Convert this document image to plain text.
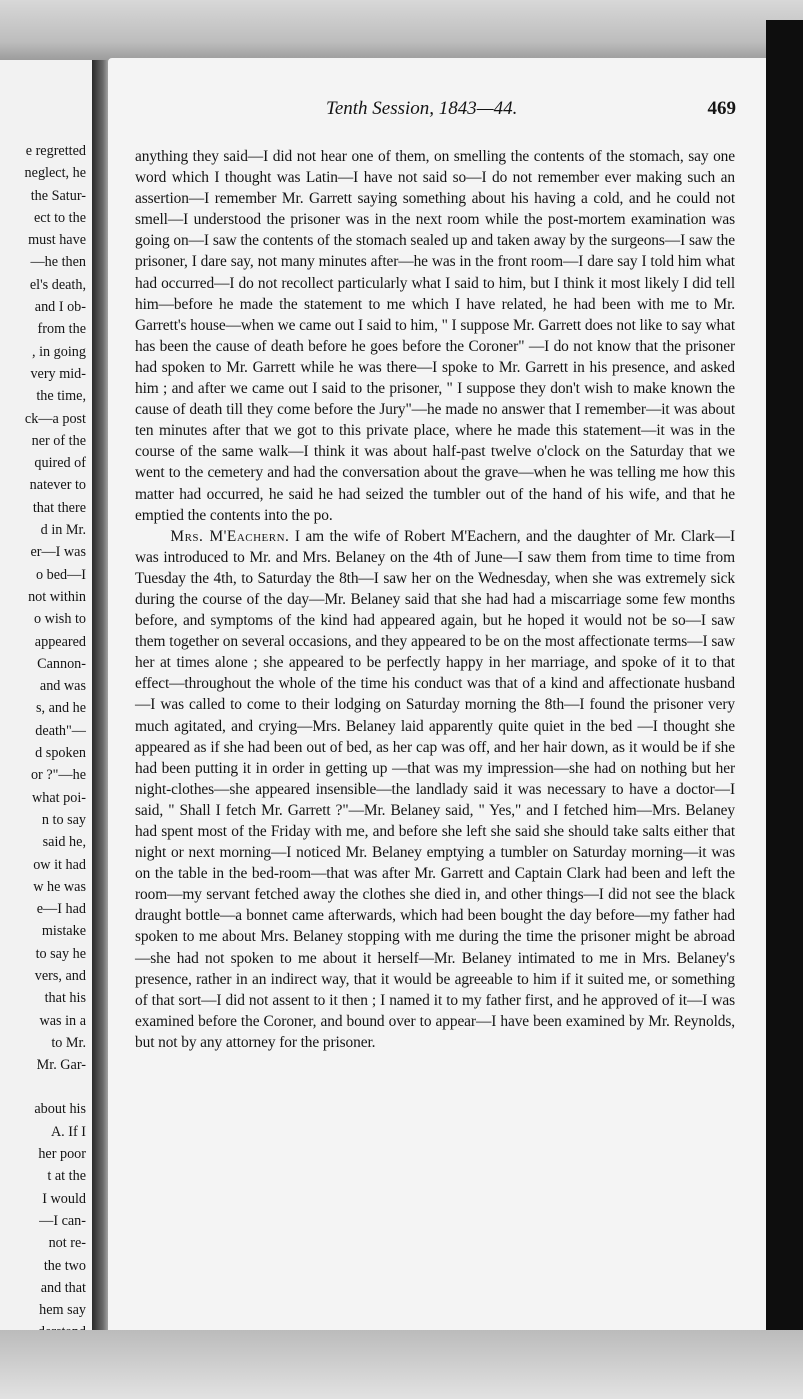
e regretted
neglect, he
the Satur-
ect to the
must have
—he then
el's death,
and I ob-
from the
, in going
very mid-
the time,
ck—a post
ner of the
quired of
natever to
that there
d in Mr.
er—I was
o bed—I
not within
o wish to
appeared
Cannon-
and was
s, and he
death"—
d spoken
or ?"—he
what poi-
n to say
said he,
ow it had
w he was
e—I had
mistake
to say he
vers, and
that his
was in a
to Mr.
Mr. Gar-

about his
A. If I
her poor
t at the
I would
—I can-
not re-
the two
and that
hem say
Tenth Session, 1843—44.	469

anything they said—I did not hear one of them, on smelling the contents of the stomach, say one word which I thought was Latin—I have not said so—I do not remember ever making such an assertion—I remember Mr. Garrett saying something about his having a cold, and he could not smell—I understood the prisoner was in the next room while the post-mortem examination was going on—I saw the contents of the stomach sealed up and taken away by the surgeons—I saw the prisoner, I dare say, not many minutes after—he was in the front room—I dare say I told him what had occurred—I do not recollect particularly what I said to him, but I think it most likely I did tell him—before he made the statement to me which I have related, he had been with me to Mr. Garrett's house—when we came out I said to him, " I suppose Mr. Garrett does not like to say what has been the cause of death before he goes before the Coroner" —I do not know that the prisoner had spoken to Mr. Garrett while he was there—I spoke to Mr. Garrett in his presence, and asked him ; and after we came out I said to the prisoner, " I suppose they don't wish to make known the cause of death till they come before the Jury"—he made no answer that I remember—it was about ten minutes after that we got to this private place, where he made this statement—it was in the course of the same walk—I think it was about half-past twelve o'clock on the Saturday that we went to the cemetery and had the conversation about the grave—when he was telling me how this matter had occurred, he said he had seized the tumbler out of the hand of his wife, and that he emptied the contents into the po.

Mrs. M'Eachern. I am the wife of Robert M'Eachern, and the daughter of Mr. Clark—I was introduced to Mr. and Mrs. Belaney on the 4th of June—I saw them from time to time from Tuesday the 4th, to Saturday the 8th—I saw her on the Wednesday, when she was extremely sick during the course of the day—Mr. Belaney said that she had had a miscarriage some few months before, and symptoms of the kind had appeared again, but he hoped it would not be so—I saw them together on several occasions, and they appeared to be on the most affectionate terms—I saw her at times alone ; she appeared to be perfectly happy in her marriage, and spoke of it to that effect—throughout the whole of the time his conduct was that of a kind and affectionate husband—I was called to come to their lodging on Saturday morning the 8th—I found the prisoner very much agitated, and crying—Mrs. Belaney laid apparently quite quiet in the bed —I thought she appeared as if she had been out of bed, as her cap was off, and her hair down, as it would be if she had been putting it in order in getting up —that was my impression—she had on nothing but her night-clothes—she appeared insensible—the landlady said it was necessary to have a doctor—I said, " Shall I fetch Mr. Garrett ?"—Mr. Belaney said, " Yes," and I fetched him—Mrs. Belaney had spent most of the Friday with me, and before she left she said she should take salts either that night or next morning—I noticed Mr. Belaney emptying a tumbler on Saturday morning—it was on the table in the bed-room—that was after Mr. Garrett and Captain Clark had been and left the room—my servant fetched away the clothes she died in, and other things—I did not see the black draught bottle—a bonnet came afterwards, which had been bought the day before—my father had spoken to me about Mrs. Belaney stopping with me during the time the prisoner might be abroad —she had not spoken to me about it herself—Mr. Belaney intimated to me in Mrs. Belaney's presence, rather in an indirect way, that it would be agreeable to him if it suited me, or something of that sort—I did not assent to it then ; I named it to my father first, and he approved of it—I was examined before the Coroner, and bound over to appear—I have been examined by Mr. Reynolds, but not by any attorney for the prisoner.
